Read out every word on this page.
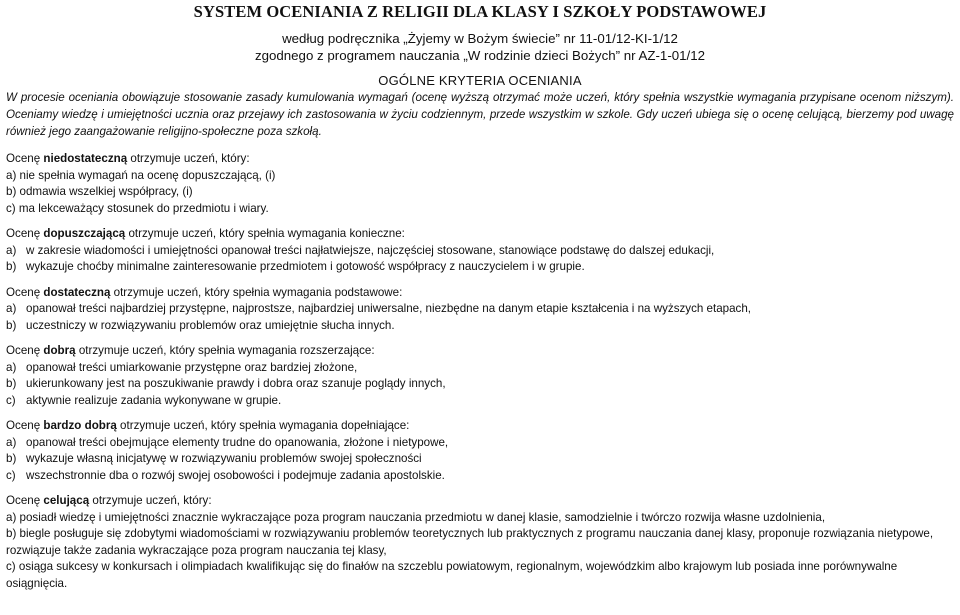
SYSTEM OCENIANIA Z RELIGII DLA KLASY I SZKOŁY PODSTAWOWEJ

według podręcznika „Żyjemy w Bożym świecie” nr 11-01/12-KI-1/12

zgodnego z programem nauczania „W rodzinie dzieci Bożych” nr AZ-1-01/12

OGÓLNE KRYTERIA OCENIANIA

W procesie oceniania obowiązuje stosowanie zasady kumulowania wymagań (ocenę wyższą otrzymać może uczeń, który spełnia wszystkie wymagania przypisane ocenom niższym). Oceniamy wiedzę i umiejętności ucznia oraz przejawy ich zastosowania w życiu codziennym, przede wszystkim w szkole. Gdy uczeń ubiega się o ocenę celującą, bierzemy pod uwagę również jego zaangażowanie religijno-społeczne poza szkołą.

Ocenę niedostateczną otrzymuje uczeń, który:

a) nie spełnia wymagań na ocenę dopuszczającą, (i)

b) odmawia wszelkiej współpracy, (i)

c) ma lekceważący stosunek do przedmiotu i wiary.

Ocenę dopuszczającą otrzymuje uczeń, który spełnia wymagania konieczne:

a) w zakresie wiadomości i umiejętności opanował treści najłatwiejsze, najczęściej stosowane, stanowiące podstawę do dalszej edukacji,
b) wykazuje choćby minimalne zainteresowanie przedmiotem i gotowość współpracy z nauczycielem i w grupie.

Ocenę dostateczną otrzymuje uczeń, który spełnia wymagania podstawowe:

a) opanował treści najbardziej przystępne, najprostsze, najbardziej uniwersalne, niezbędne na danym etapie kształcenia i na wyższych etapach,
b) uczestniczy w rozwiązywaniu problemów oraz umiejętnie słucha innych.

Ocenę dobrą otrzymuje uczeń, który spełnia wymagania rozszerzające:

a) opanował treści umiarkowanie przystępne oraz bardziej złożone,
b) ukierunkowany jest na poszukiwanie prawdy i dobra oraz szanuje poglądy innych,
c) aktywnie realizuje zadania wykonywane w grupie.

Ocenę bardzo dobrą otrzymuje uczeń, który spełnia wymagania dopełniające:

a) opanował treści obejmujące elementy trudne do opanowania, złożone i nietypowe,
b) wykazuje własną inicjatywę w rozwiązywaniu problemów swojej społeczności
c) wszechstronnie dba o rozwój swojej osobowości i podejmuje zadania apostolskie.

Ocenę celującą otrzymuje uczeń, który:

a) posiadł wiedzę i umiejętności znacznie wykraczające poza program nauczania przedmiotu w danej klasie, samodzielnie i twórczo rozwija własne uzdolnienia,

b) biegle posługuje się zdobytymi wiadomościami w rozwiązywaniu problemów teoretycznych lub praktycznych z programu nauczania danej klasy, proponuje rozwiązania nietypowe, rozwiązuje także zadania wykraczające poza program nauczania tej klasy,

c) osiąga sukcesy w konkursach i olimpiadach kwalifikując się do finałów na szczeblu powiatowym, regionalnym, wojewódzkim albo krajowym lub posiada inne porównywalne osiągnięcia.
